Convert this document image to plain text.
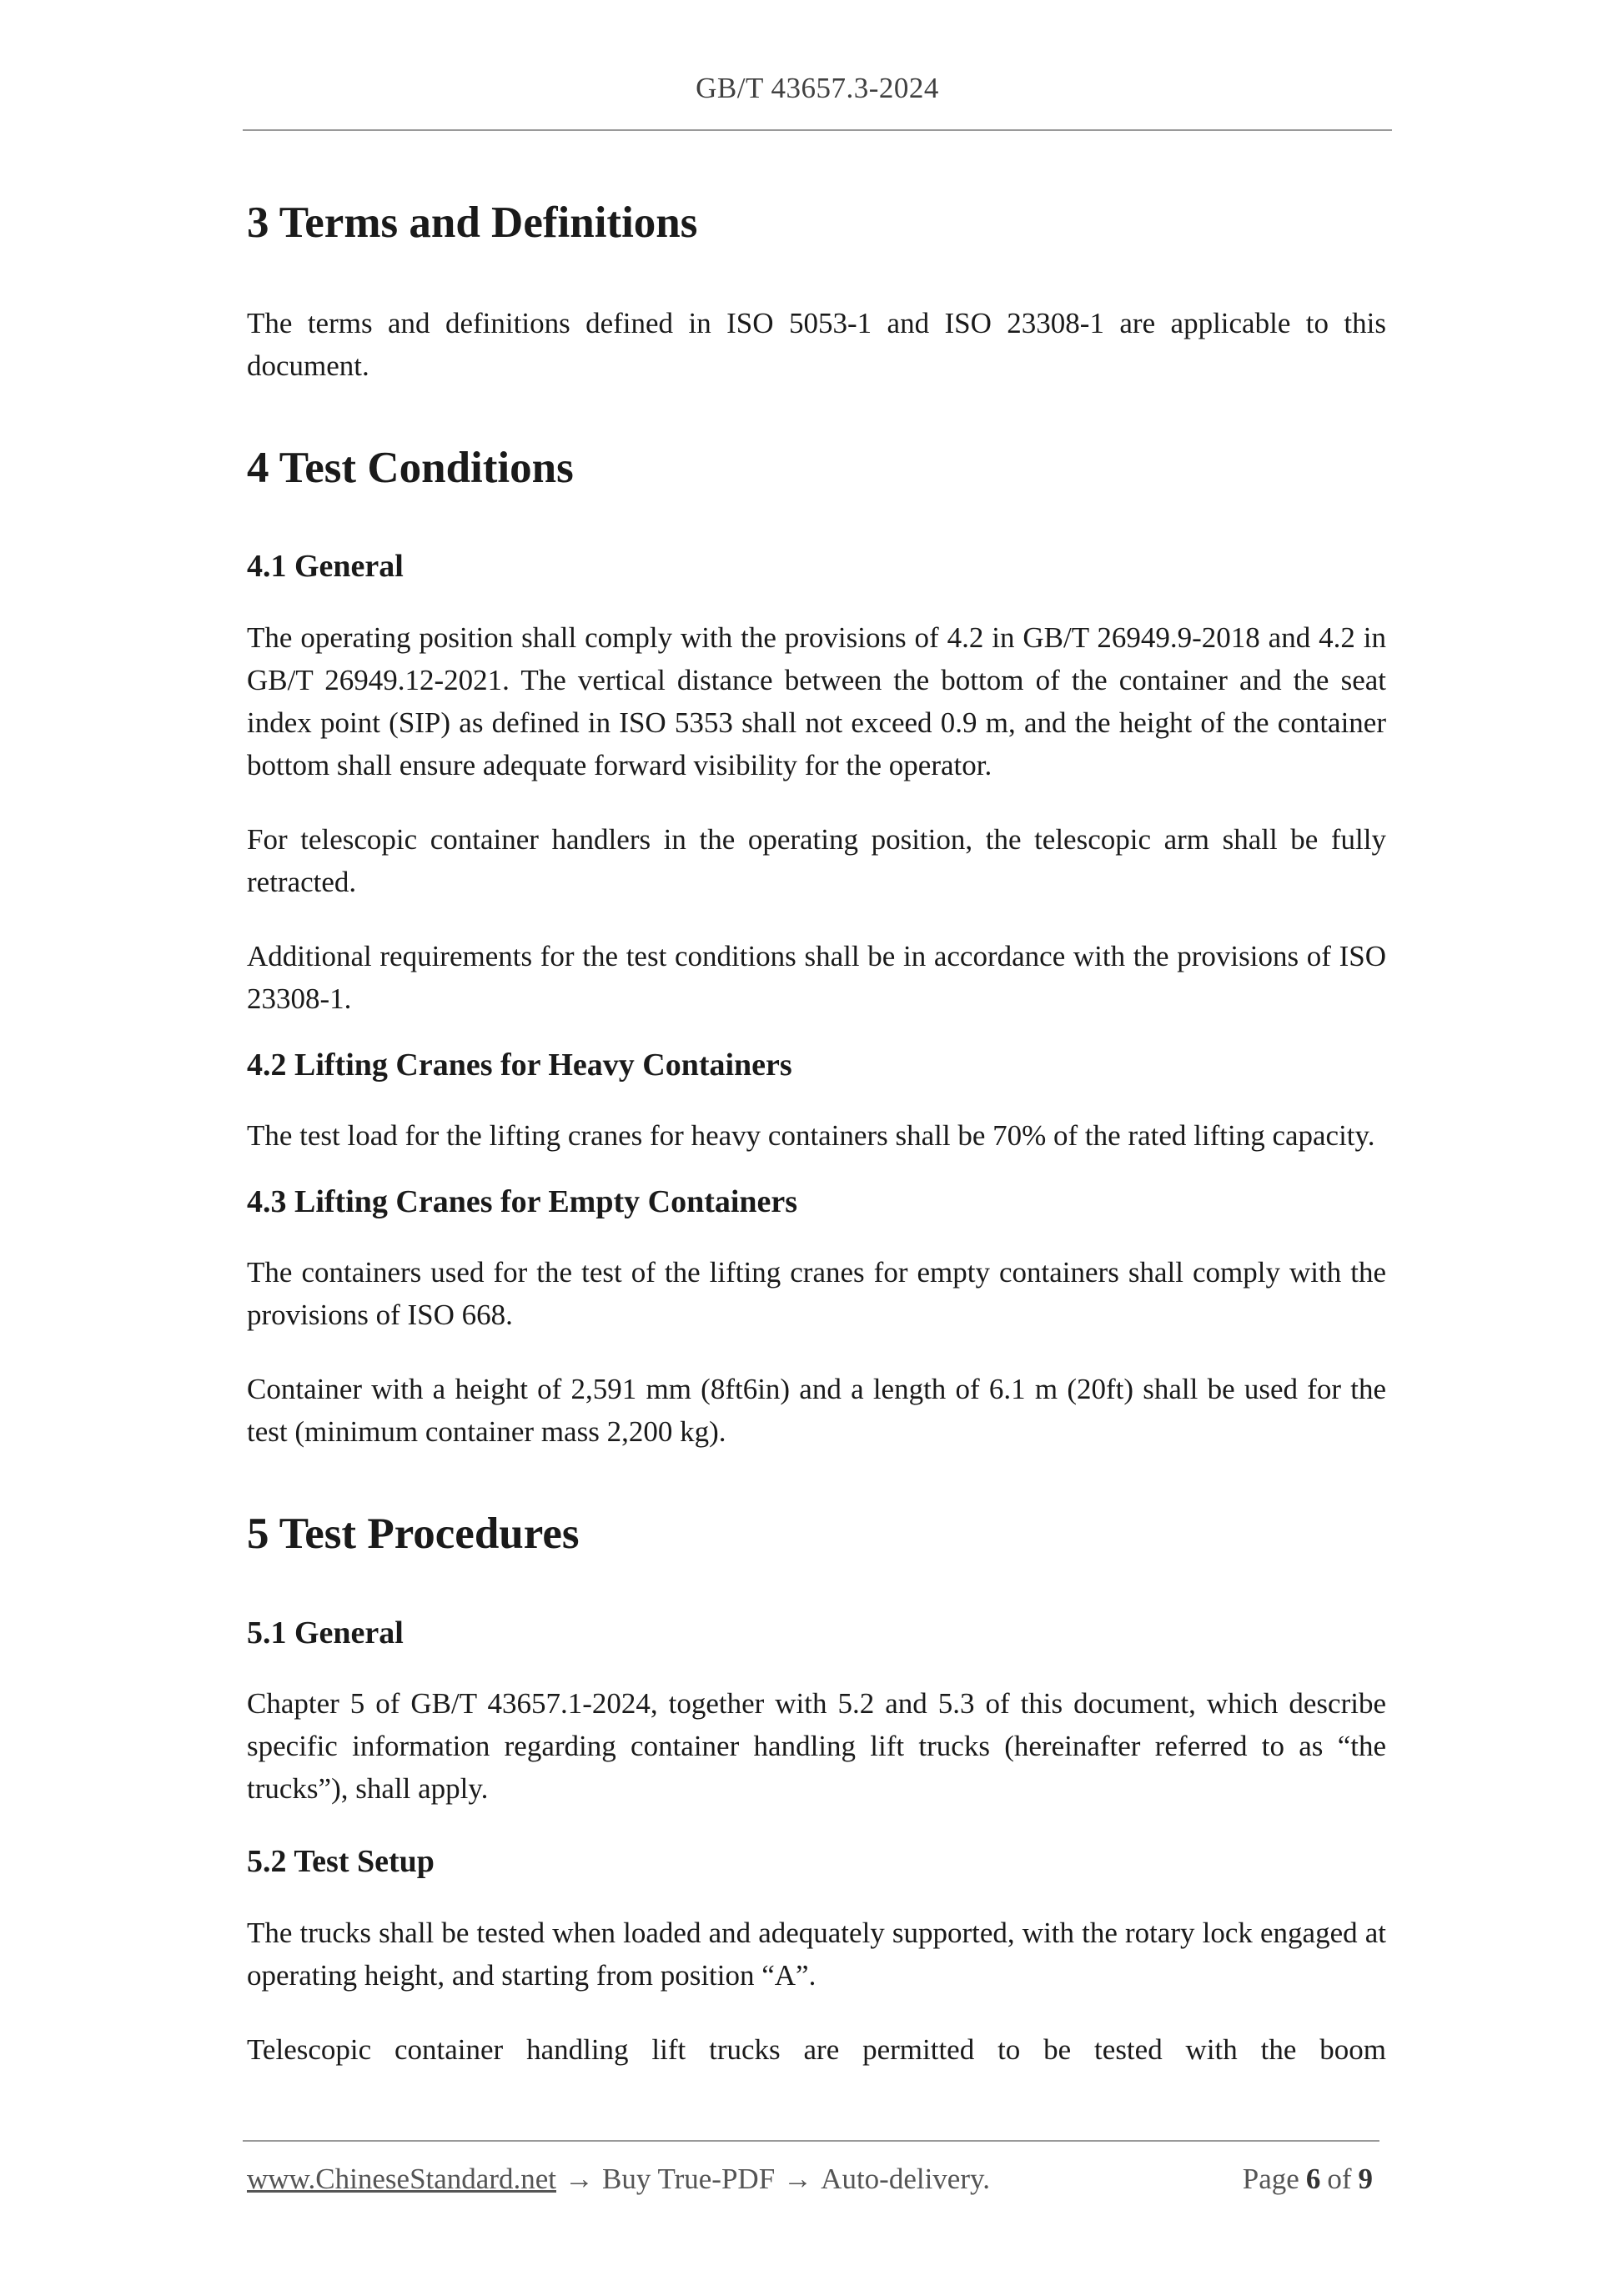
GB/T 43657.3-2024
3 Terms and Definitions

The terms and definitions defined in ISO 5053-1 and ISO 23308-1 are applicable to this document.

4 Test Conditions
4.1 General

The operating position shall comply with the provisions of 4.2 in GB/T 26949.9-2018 and 4.2 in GB/T 26949.12-2021. The vertical distance between the bottom of the container and the seat index point (SIP) as defined in ISO 5353 shall not exceed 0.9 m, and the height of the container bottom shall ensure adequate forward visibility for the operator.

For telescopic container handlers in the operating position, the telescopic arm shall be fully retracted.

Additional requirements for the test conditions shall be in accordance with the provisions of ISO 23308-1.

4.2 Lifting Cranes for Heavy Containers

The test load for the lifting cranes for heavy containers shall be 70% of the rated lifting capacity.

4.3 Lifting Cranes for Empty Containers

The containers used for the test of the lifting cranes for empty containers shall comply with the provisions of ISO 668.

Container with a height of 2,591 mm (8ft6in) and a length of 6.1 m (20ft) shall be used for the test (minimum container mass 2,200 kg).

5 Test Procedures
5.1 General

Chapter 5 of GB/T 43657.1-2024, together with 5.2 and 5.3 of this document, which describe specific information regarding container handling lift trucks (hereinafter referred to as “the trucks”), shall apply.

5.2 Test Setup

The trucks shall be tested when loaded and adequately supported, with the rotary lock engaged at operating height, and starting from position “A”.

Telescopic container handling lift trucks are permitted to be tested with the boom

www.ChineseStandard.net → Buy True-PDF → Auto-delivery.	Page 6 of 9
